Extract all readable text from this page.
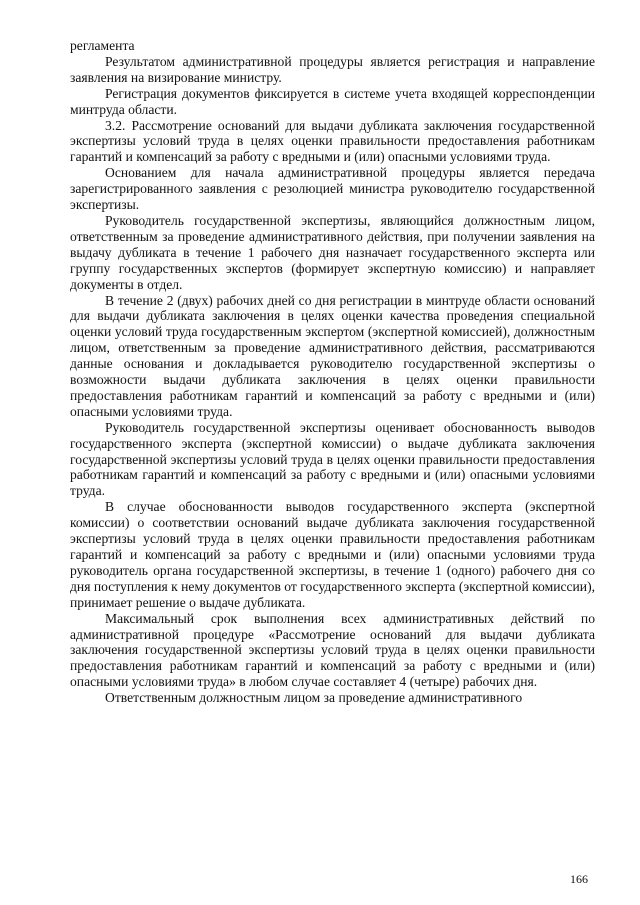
регламента

Результатом административной процедуры является регистрация и направление заявления на визирование министру.

Регистрация документов фиксируется в системе учета входящей корреспонденции минтруда области.

3.2. Рассмотрение оснований для выдачи дубликата заключения государственной экспертизы условий труда в целях оценки правильности предоставления работникам гарантий и компенсаций за работу с вредными и (или) опасными условиями труда.

Основанием для начала административной процедуры является передача зарегистрированного заявления с резолюцией министра руководителю государственной экспертизы.

Руководитель государственной экспертизы, являющийся должностным лицом, ответственным за проведение административного действия, при получении заявления на выдачу дубликата в течение 1 рабочего дня назначает государственного эксперта или группу государственных экспертов (формирует экспертную комиссию) и направляет документы в отдел.

В течение 2 (двух) рабочих дней со дня регистрации в минтруде области оснований для выдачи дубликата заключения в целях оценки качества проведения специальной оценки условий труда государственным экспертом (экспертной комиссией), должностным лицом, ответственным за проведение административного действия, рассматриваются данные основания и докладывается руководителю государственной экспертизы о возможности выдачи дубликата заключения в целях оценки правильности предоставления работникам гарантий и компенсаций за работу с вредными и (или) опасными условиями труда.

Руководитель государственной экспертизы оценивает обоснованность выводов государственного эксперта (экспертной комиссии) о выдаче дубликата заключения государственной экспертизы условий труда в целях оценки правильности предоставления работникам гарантий и компенсаций за работу с вредными и (или) опасными условиями труда.

В случае обоснованности выводов государственного эксперта (экспертной комиссии) о соответствии оснований выдаче дубликата заключения государственной экспертизы условий труда в целях оценки правильности предоставления работникам гарантий и компенсаций за работу с вредными и (или) опасными условиями труда руководитель органа государственной экспертизы, в течение 1 (одного) рабочего дня со дня поступления к нему документов от государственного эксперта (экспертной комиссии), принимает решение о выдаче дубликата.

Максимальный срок выполнения всех административных действий по административной процедуре «Рассмотрение оснований для выдачи дубликата заключения государственной экспертизы условий труда в целях оценки правильности предоставления работникам гарантий и компенсаций за работу с вредными и (или) опасными условиями труда» в любом случае составляет 4 (четыре) рабочих дня.

Ответственным должностным лицом за проведение административного

166
